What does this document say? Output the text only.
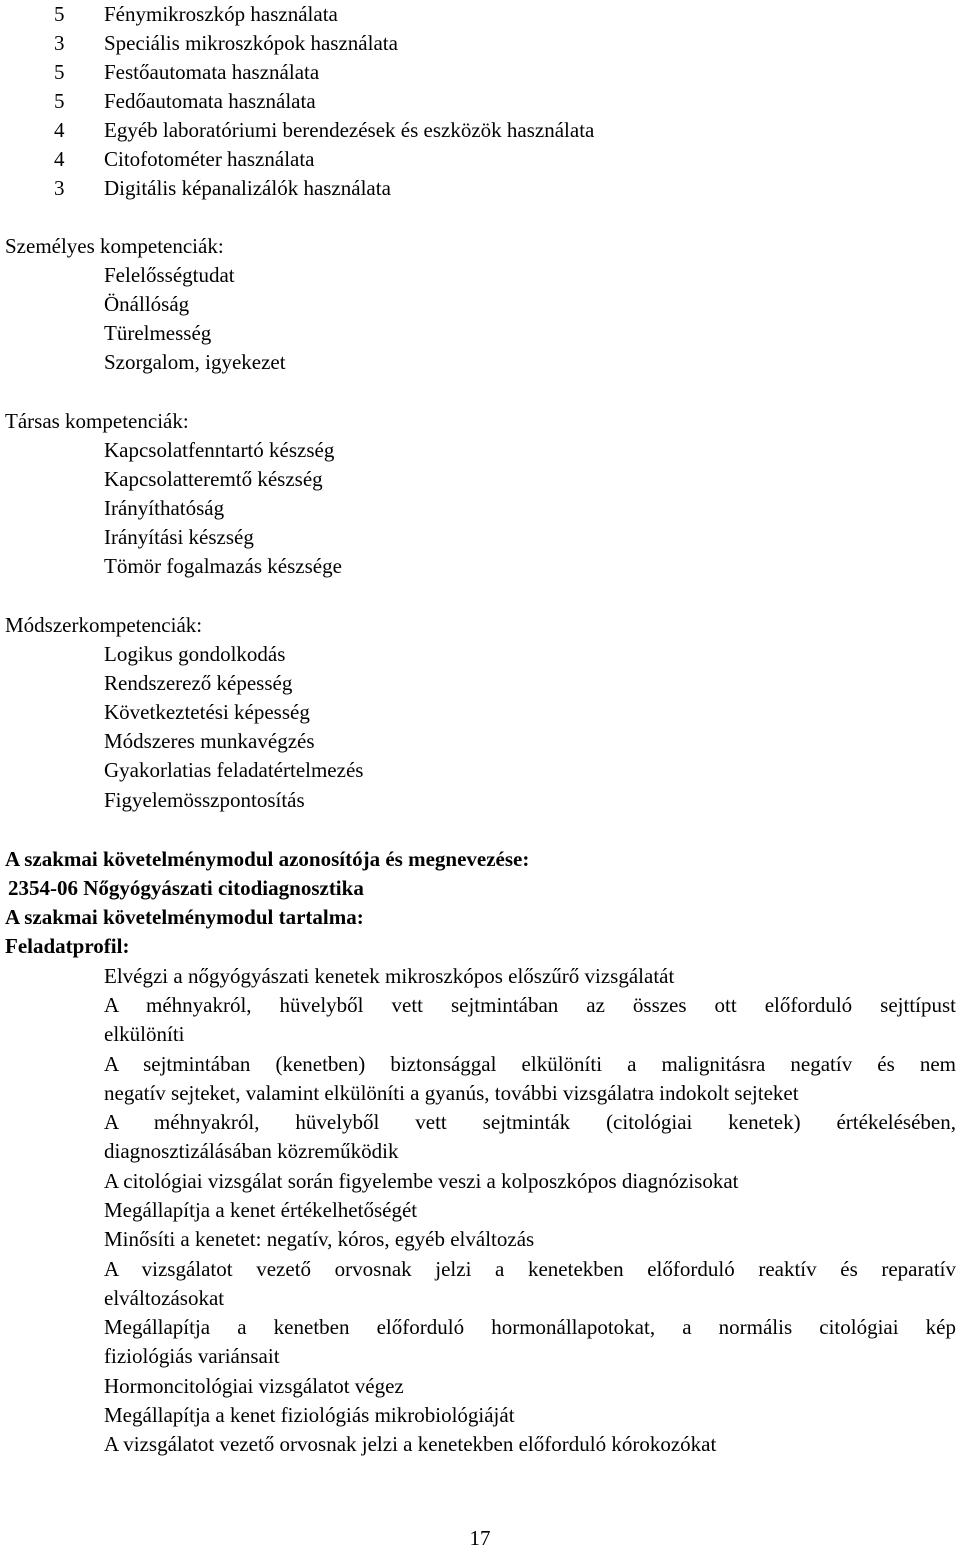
5 Fénymikroszkóp használata
3 Speciális mikroszkópok használata
5 Festőautomata használata
5 Fedőautomata használata
4 Egyéb laboratóriumi berendezések és eszközök használata
4 Citofotométer használata
3 Digitális képanalizálók használata
Személyes kompetenciák:
Felelősségtudat
Önállóság
Türelmesség
Szorgalom, igyekezet
Társas kompetenciák:
Kapcsolatfenntartó készség
Kapcsolatteremtő készség
Irányíthatóság
Irányítási készség
Tömör fogalmazás készsége
Módszerkompetenciák:
Logikus gondolkodás
Rendszerező képesség
Következtetési képesség
Módszeres munkavégzés
Gyakorlatias feladatértelmezés
Figyelemösszpontosítás
A szakmai követelménymodul azonosítója és megnevezése:
2354-06 Nőgyógyászati citodiagnosztika
A szakmai követelménymodul tartalma:
Feladatprofil:
Elvégzi a nőgyógyászati kenetek mikroszkópos előszűrő vizsgálatát
A méhnyakról, hüvelyből vett sejtmintában az összes ott előforduló sejttípust
elkülöníti
A sejtmintában (kenetben) biztonsággal elkülöníti a malignitásra negatív és nem
negatív sejteket, valamint elkülöníti a gyanús, további vizsgálatra indokolt sejteket
A méhnyakról, hüvelyből vett sejtminták (citológiai kenetek) értékelésében,
diagnosztizálásában közreműködik
A citológiai vizsgálat során figyelembe veszi a kolposzkópos diagnózisokat
Megállapítja a kenet értékelhetőségét
Minősíti a kenetet: negatív, kóros, egyéb elváltozás
A vizsgálatot vezető orvosnak jelzi a kenetekben előforduló reaktív és reparatív
elváltozásokat
Megállapítja a kenetben előforduló hormonállapotokat, a normális citológiai kép
fiziológiás variánsait
Hormoncitológiai vizsgálatot végez
Megállapítja a kenet fiziológiás mikrobiológiáját
A vizsgálatot vezető orvosnak jelzi a kenetekben előforduló kórokozókat
17
